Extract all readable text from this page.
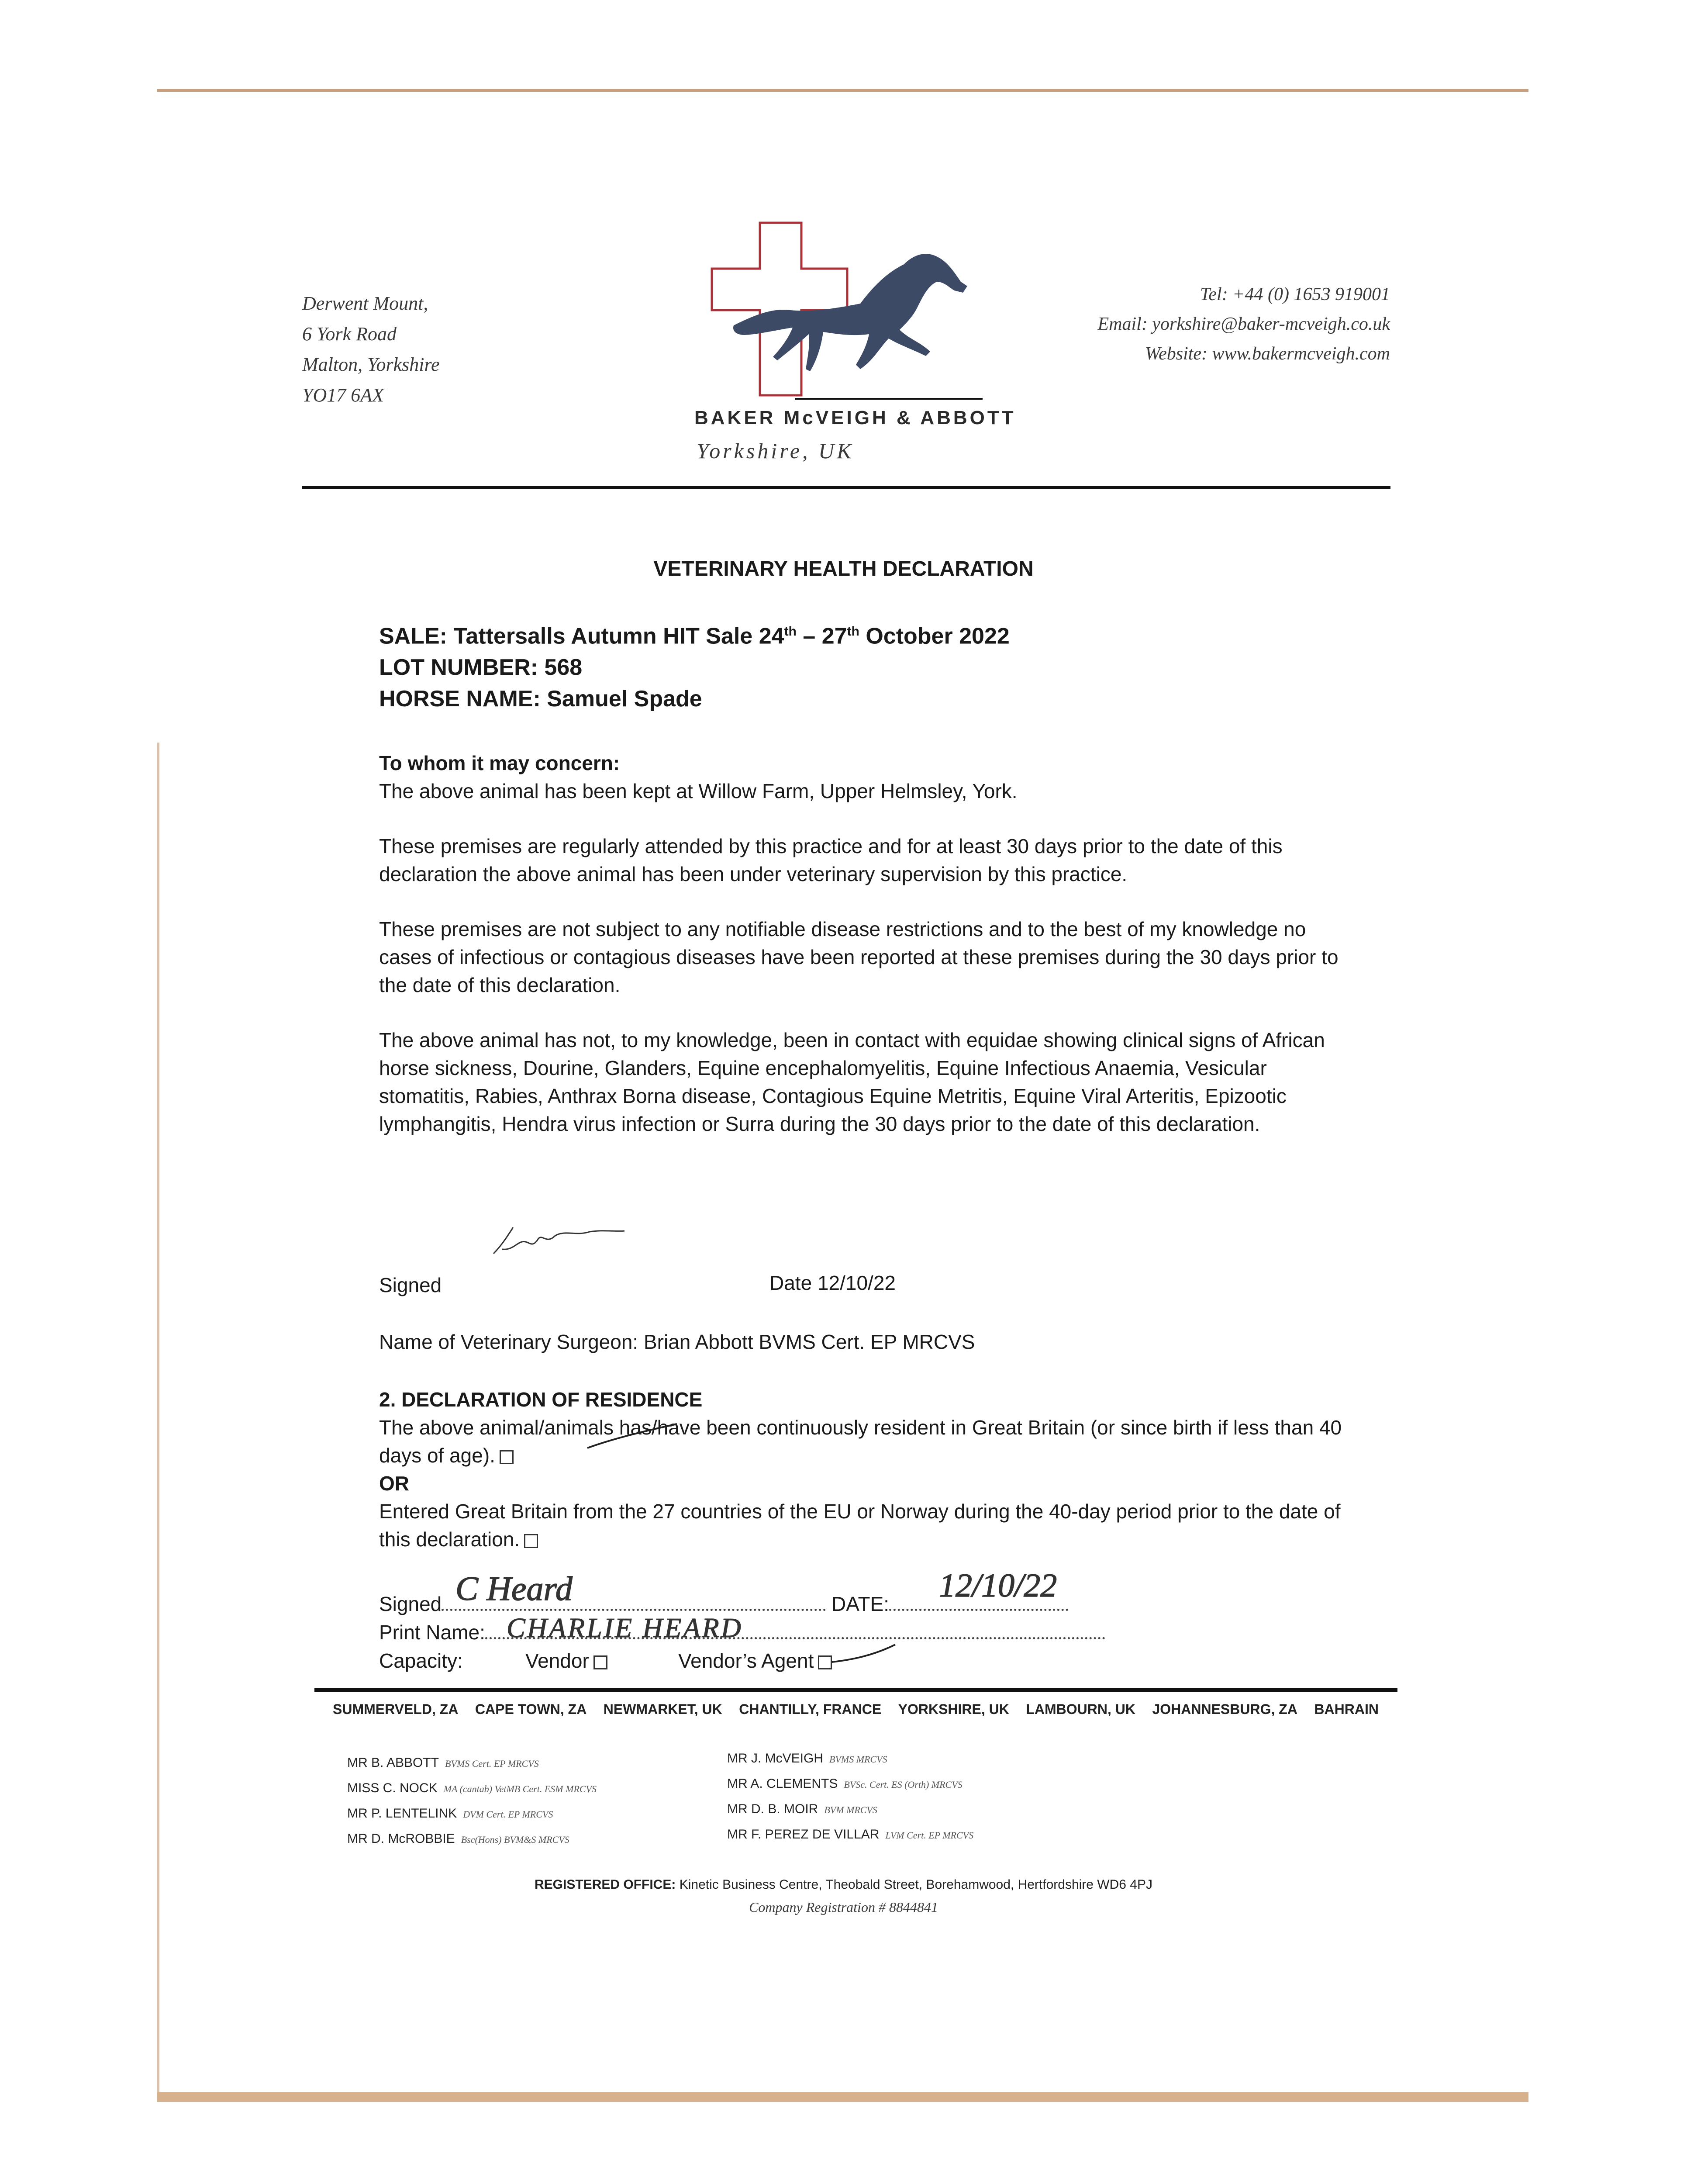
Derwent Mount,
6 York Road
Malton, Yorkshire
YO17 6AX
BAKER McVEIGH & ABBOTT
Yorkshire, UK
Tel: +44 (0) 1653 919001
Email: yorkshire@baker-mcveigh.co.uk
Website: www.bakermcveigh.com
VETERINARY HEALTH DECLARATION
SALE: Tattersalls Autumn HIT Sale 24th – 27th October 2022
LOT NUMBER: 568
HORSE NAME: Samuel Spade

To whom it may concern:

The above animal has been kept at Willow Farm, Upper Helmsley, York.

These premises are regularly attended by this practice and for at least 30 days prior to the date of this declaration the above animal has been under veterinary supervision by this practice.

These premises are not subject to any notifiable disease restrictions and to the best of my knowledge no cases of infectious or contagious diseases have been reported at these premises during the 30 days prior to the date of this declaration.

The above animal has not, to my knowledge, been in contact with equidae showing clinical signs of African horse sickness, Dourine, Glanders, Equine encephalomyelitis, Equine Infectious Anaemia, Vesicular stomatitis, Rabies, Anthrax Borna disease, Contagious Equine Metritis, Equine Viral Arteritis, Epizootic lymphangitis, Hendra virus infection or Surra during the 30 days prior to the date of this declaration.

Signed	Date 12/10/22
Name of Veterinary Surgeon: Brian Abbott BVMS Cert. EP MRCVS

2. DECLARATION OF RESIDENCE

The above animal/animals has/have been continuously resident in Great Britain (or since birth if less than 40 days of age).

OR

Entered Great Britain from the 27 countries of the EU or Norway during the 40-day period prior to the date of this declaration.

Signed	DATE:
C Heard	12/10/22
Print Name: CHARLIE HEARD
Capacity:	Vendor	Vendor’s Agent
SUMMERVELD, ZA CAPE TOWN, ZA NEWMARKET, UK CHANTILLY, FRANCE YORKSHIRE, UK LAMBOURN, UK JOHANNESBURG, ZA BAHRAIN
MR B. ABBOTT BVMS Cert. EP MRCVS
MISS C. NOCK MA (cantab) VetMB Cert. ESM MRCVS
MR P. LENTELINK DVM Cert. EP MRCVS
MR D. McROBBIE Bsc(Hons) BVM&S MRCVS
MR J. McVEIGH BVMS MRCVS
MR A. CLEMENTS BVSc. Cert. ES (Orth) MRCVS
MR D. B. MOIR BVM MRCVS
MR F. PEREZ DE VILLAR LVM Cert. EP MRCVS
REGISTERED OFFICE: Kinetic Business Centre, Theobald Street, Borehamwood, Hertfordshire WD6 4PJ
Company Registration # 8844841
